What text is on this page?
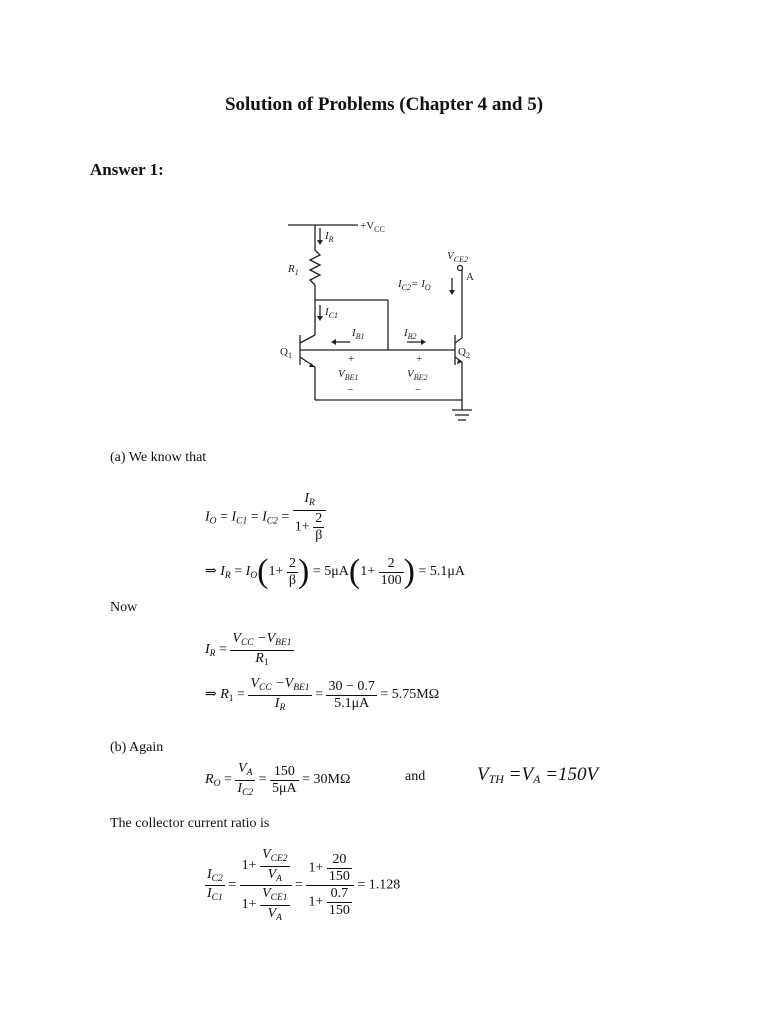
Solution of Problems (Chapter 4 and 5)
Answer 1:
$+V_{CC}$
$I_R$
$R_1$
$V_{CE2}$
A
$I_{C2}= I_O$
$I_{C1}$
$I_{B1}$	$I_{B2}$
$Q_1$	$Q_2$
+	+
$V_{BE1}$	$V_{BE2}$
−	−
(a) We know that
$I_O = I_{C1} = I_{C2} = \frac{I_R}{1+ \frac{2}{\beta}}$
⇒ $I_R = I_O(1+ \frac{2}{\beta}$ ) = $5\mu A(1+ \frac{2}{100}$ ) = 5.1μA
Now
$I_R = \frac{V_{CC} -V_{BE1}}{R_1}$
⇒ $R_1 = \frac{V_{CC} -V_{BE1}}{I_R} = \frac{30 - 0.7}{5.1\mu A} = 5.75M\Omega$
(b) Again
$R_O = \frac{V_A}{I_{C2}} = \frac{150}{5\mu A} = 30M\Omega$	and	$V_{TH} =V_A =150V$
The collector current ratio is
$\frac{I_{C2}}{I_{C1}} = \frac{1+ \frac{V_{CE2}}{V_A}}{1+ \frac{V_{CE1}}{V_A}} = \frac{1+ \frac{20}{150}}{1+ \frac{0.7}{150}} = 1.128$
